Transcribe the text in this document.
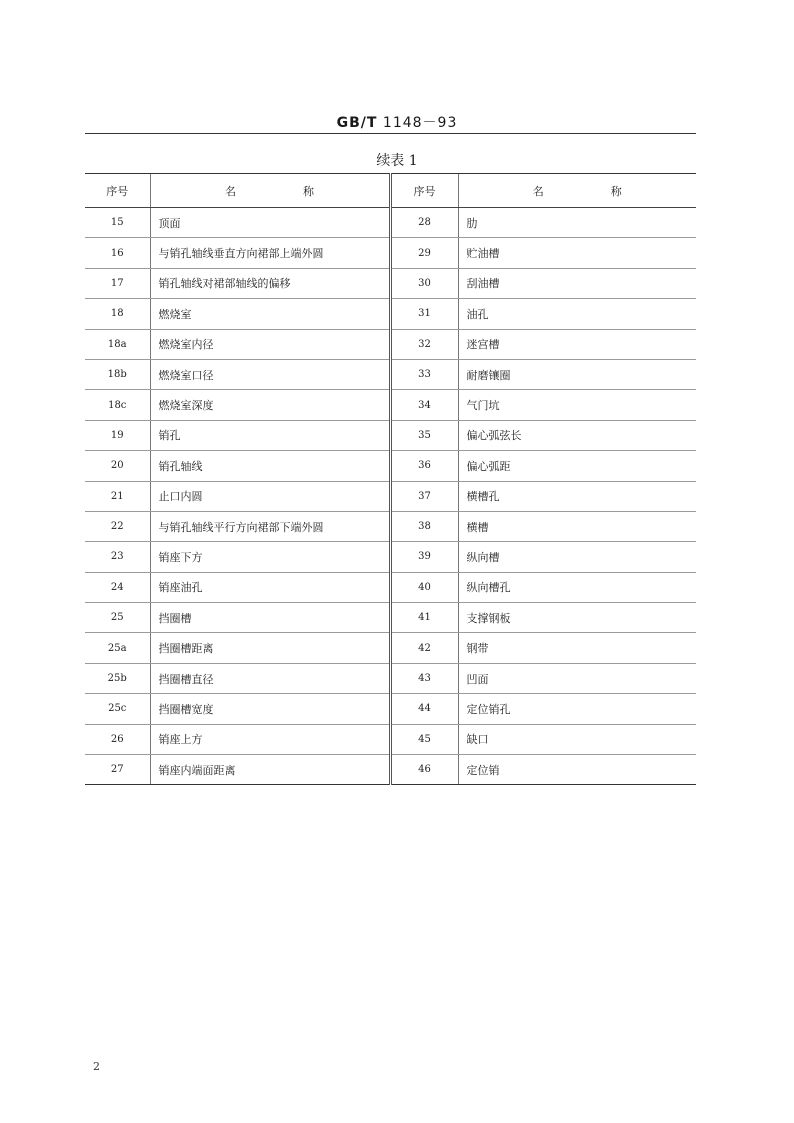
GB/T 1148－93
续表 1
序号	名　称	序号	名　称
15	顶面	28	肋
16	与销孔轴线垂直方向裙部上端外圆	29	贮油槽
17	销孔轴线对裙部轴线的偏移	30	刮油槽
18	燃烧室	31	油孔
18a	燃烧室内径	32	迷宫槽
18b	燃烧室口径	33	耐磨镶圈
18c	燃烧室深度	34	气门坑
19	销孔	35	偏心弧弦长
20	销孔轴线	36	偏心弧距
21	止口内圆	37	横槽孔
22	与销孔轴线平行方向裙部下端外圆	38	横槽
23	销座下方	39	纵向槽
24	销座油孔	40	纵向槽孔
25	挡圈槽	41	支撑钢板
25a	挡圈槽距离	42	钢带
25b	挡圈槽直径	43	凹面
25c	挡圈槽宽度	44	定位销孔
26	销座上方	45	缺口
27	销座内端面距离	46	定位销
2
